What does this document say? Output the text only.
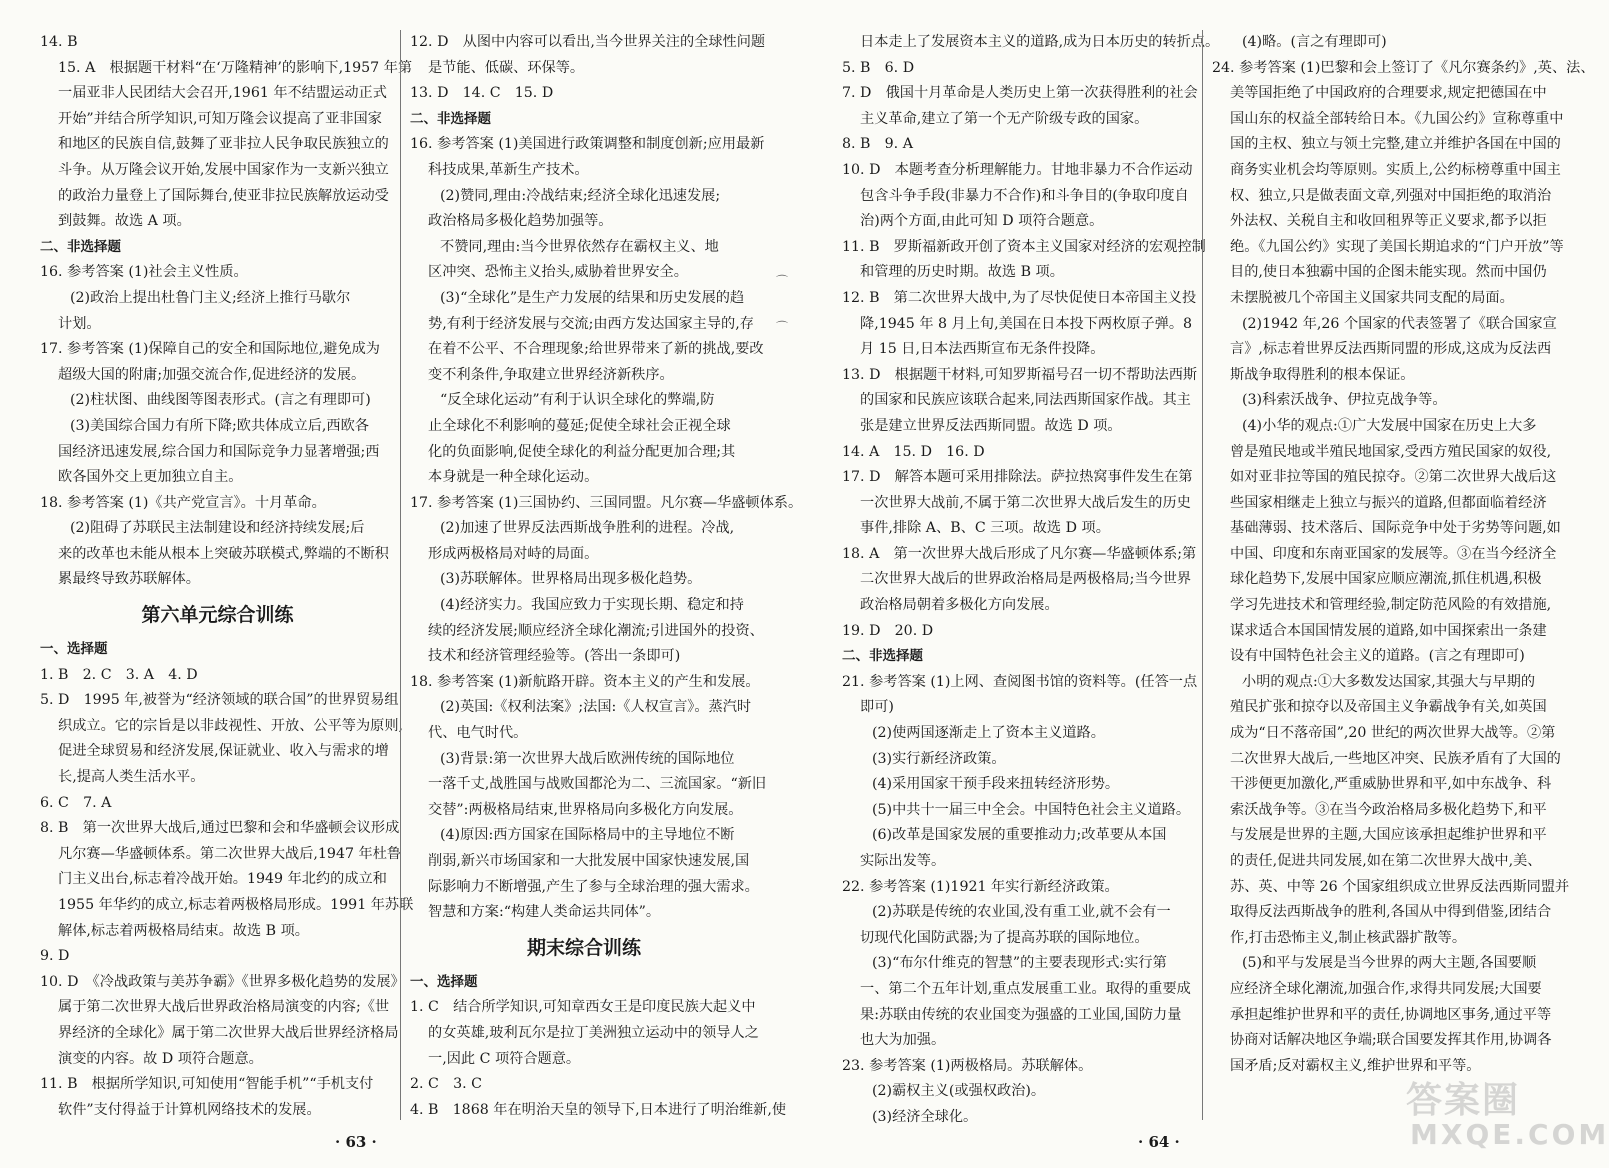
14. B
15. A　根据题干材料“在‘万隆精神’的影响下,1957 年第
一届亚非人民团结大会召开,1961 年不结盟运动正式
开始”并结合所学知识,可知万隆会议提高了亚非国家
和地区的民族自信,鼓舞了亚非拉人民争取民族独立的
斗争。从万隆会议开始,发展中国家作为一支新兴独立
的政治力量登上了国际舞台,使亚非拉民族解放运动受
到鼓舞。故选 A 项。
二、非选择题
16. 参考答案 (1)社会主义性质。
(2)政治上提出杜鲁门主义;经济上推行马歇尔
计划。
17. 参考答案 (1)保障自己的安全和国际地位,避免成为
超级大国的附庸;加强交流合作,促进经济的发展。
(2)柱状图、曲线图等图表形式。(言之有理即可)
(3)美国综合国力有所下降;欧共体成立后,西欧各
国经济迅速发展,综合国力和国际竞争力显著增强;西
欧各国外交上更加独立自主。
18. 参考答案 (1)《共产党宣言》。十月革命。
(2)阻碍了苏联民主法制建设和经济持续发展;后
来的改革也未能从根本上突破苏联模式,弊端的不断积
累最终导致苏联解体。
第六单元综合训练
一、选择题
1. B　2. C　3. A　4. D
5. D　1995 年,被誉为“经济领域的联合国”的世界贸易组
织成立。它的宗旨是以非歧视性、开放、公平等为原则,
促进全球贸易和经济发展,保证就业、收入与需求的增
长,提高人类生活水平。
6. C　7. A
8. B　第一次世界大战后,通过巴黎和会和华盛顿会议形成
凡尔赛—华盛顿体系。第二次世界大战后,1947 年杜鲁
门主义出台,标志着冷战开始。1949 年北约的成立和
1955 年华约的成立,标志着两极格局形成。1991 年苏联
解体,标志着两极格局结束。故选 B 项。
9. D
10. D　《冷战政策与美苏争霸》《世界多极化趋势的发展》
属于第二次世界大战后世界政治格局演变的内容;《世
界经济的全球化》属于第二次世界大战后世界经济格局
演变的内容。故 D 项符合题意。
11. B　根据所学知识,可知使用“智能手机”“手机支付
软件”支付得益于计算机网络技术的发展。
12. D　从图中内容可以看出,当今世界关注的全球性问题
是节能、低碳、环保等。
13. D　14. C　15. D
二、非选择题
16. 参考答案 (1)美国进行政策调整和制度创新;应用最新
科技成果,革新生产技术。
(2)赞同,理由:冷战结束;经济全球化迅速发展;
政治格局多极化趋势加强等。
不赞同,理由:当今世界依然存在霸权主义、地
区冲突、恐怖主义抬头,威胁着世界安全。
(3)“全球化”是生产力发展的结果和历史发展的趋
势,有利于经济发展与交流;由西方发达国家主导的,存
在着不公平、不合理现象;给世界带来了新的挑战,要改
变不利条件,争取建立世界经济新秩序。
“反全球化运动”有利于认识全球化的弊端,防
止全球化不利影响的蔓延;促使全球社会正视全球
化的负面影响,促使全球化的利益分配更加合理;其
本身就是一种全球化运动。
17. 参考答案 (1)三国协约、三国同盟。凡尔赛—华盛顿体系。
(2)加速了世界反法西斯战争胜利的进程。冷战,
形成两极格局对峙的局面。
(3)苏联解体。世界格局出现多极化趋势。
(4)经济实力。我国应致力于实现长期、稳定和持
续的经济发展;顺应经济全球化潮流;引进国外的投资、
技术和经济管理经验等。(答出一条即可)
18. 参考答案 (1)新航路开辟。资本主义的产生和发展。
(2)英国:《权利法案》;法国:《人权宣言》。蒸汽时
代、电气时代。
(3)背景:第一次世界大战后欧洲传统的国际地位
一落千丈,战胜国与战败国都沦为二、三流国家。“新旧
交替”:两极格局结束,世界格局向多极化方向发展。
(4)原因:西方国家在国际格局中的主导地位不断
削弱,新兴市场国家和一大批发展中国家快速发展,国
际影响力不断增强,产生了参与全球治理的强大需求。
智慧和方案:“构建人类命运共同体”。
期末综合训练
一、选择题
1. C　结合所学知识,可知章西女王是印度民族大起义中
的女英雄,玻利瓦尔是拉丁美洲独立运动中的领导人之
一,因此 C 项符合题意。
2. C　3. C
4. B　1868 年在明治天皇的领导下,日本进行了明治维新,使
· 63 ·
⌒
⌒
日本走上了发展资本主义的道路,成为日本历史的转折点。
5. B　6. D
7. D　俄国十月革命是人类历史上第一次获得胜利的社会
主义革命,建立了第一个无产阶级专政的国家。
8. B　9. A
10. D　本题考查分析理解能力。甘地非暴力不合作运动
包含斗争手段(非暴力不合作)和斗争目的(争取印度自
治)两个方面,由此可知 D 项符合题意。
11. B　罗斯福新政开创了资本主义国家对经济的宏观控制
和管理的历史时期。故选 B 项。
12. B　第二次世界大战中,为了尽快促使日本帝国主义投
降,1945 年 8 月上旬,美国在日本投下两枚原子弹。8
月 15 日,日本法西斯宣布无条件投降。
13. D　根据题干材料,可知罗斯福号召一切不帮助法西斯
的国家和民族应该联合起来,同法西斯国家作战。其主
张是建立世界反法西斯同盟。故选 D 项。
14. A　15. D　16. D
17. D　解答本题可采用排除法。萨拉热窝事件发生在第
一次世界大战前,不属于第二次世界大战后发生的历史
事件,排除 A、B、C 三项。故选 D 项。
18. A　第一次世界大战后形成了凡尔赛—华盛顿体系;第
二次世界大战后的世界政治格局是两极格局;当今世界
政治格局朝着多极化方向发展。
19. D　20. D
二、非选择题
21. 参考答案 (1)上网、查阅图书馆的资料等。(任答一点
即可)
(2)使两国逐渐走上了资本主义道路。
(3)实行新经济政策。
(4)采用国家干预手段来扭转经济形势。
(5)中共十一届三中全会。中国特色社会主义道路。
(6)改革是国家发展的重要推动力;改革要从本国
实际出发等。
22. 参考答案 (1)1921 年实行新经济政策。
(2)苏联是传统的农业国,没有重工业,就不会有一
切现代化国防武器;为了提高苏联的国际地位。
(3)“布尔什维克的智慧”的主要表现形式:实行第
一、第二个五年计划,重点发展重工业。取得的重要成
果:苏联由传统的农业国变为强盛的工业国,国防力量
也大为加强。
23. 参考答案 (1)两极格局。苏联解体。
(2)霸权主义(或强权政治)。
(3)经济全球化。
(4)略。(言之有理即可)
24. 参考答案 (1)巴黎和会上签订了《凡尔赛条约》,英、法、
美等国拒绝了中国政府的合理要求,规定把德国在中
国山东的权益全部转给日本。《九国公约》宣称尊重中
国的主权、独立与领土完整,建立并维护各国在中国的
商务实业机会均等原则。实质上,公约标榜尊重中国主
权、独立,只是做表面文章,列强对中国拒绝的取消治
外法权、关税自主和收回租界等正义要求,都予以拒
绝。《九国公约》实现了美国长期追求的“门户开放”等
目的,使日本独霸中国的企图未能实现。然而中国仍
未摆脱被几个帝国主义国家共同支配的局面。
(2)1942 年,26 个国家的代表签署了《联合国家宣
言》,标志着世界反法西斯同盟的形成,这成为反法西
斯战争取得胜利的根本保证。
(3)科索沃战争、伊拉克战争等。
(4)小华的观点:①广大发展中国家在历史上大多
曾是殖民地或半殖民地国家,受西方殖民国家的奴役,
如对亚非拉等国的殖民掠夺。②第二次世界大战后这
些国家相继走上独立与振兴的道路,但都面临着经济
基础薄弱、技术落后、国际竞争中处于劣势等问题,如
中国、印度和东南亚国家的发展等。③在当今经济全
球化趋势下,发展中国家应顺应潮流,抓住机遇,积极
学习先进技术和管理经验,制定防范风险的有效措施,
谋求适合本国国情发展的道路,如中国探索出一条建
设有中国特色社会主义的道路。(言之有理即可)
小明的观点:①大多数发达国家,其强大与早期的
殖民扩张和掠夺以及帝国主义争霸战争有关,如英国
成为“日不落帝国”,20 世纪的两次世界大战等。②第
二次世界大战后,一些地区冲突、民族矛盾有了大国的
干涉便更加激化,严重威胁世界和平,如中东战争、科
索沃战争等。③在当今政治格局多极化趋势下,和平
与发展是世界的主题,大国应该承担起维护世界和平
的责任,促进共同发展,如在第二次世界大战中,美、
苏、英、中等 26 个国家组织成立世界反法西斯同盟并
取得反法西斯战争的胜利,各国从中得到借鉴,团结合
作,打击恐怖主义,制止核武器扩散等。
(5)和平与发展是当今世界的两大主题,各国要顺
应经济全球化潮流,加强合作,求得共同发展;大国要
承担起维护世界和平的责任,协调地区事务,通过平等
协商对话解决地区争端;联合国要发挥其作用,协调各
国矛盾;反对霸权主义,维护世界和平等。
· 64 ·
答案圈
MXQE.COM
